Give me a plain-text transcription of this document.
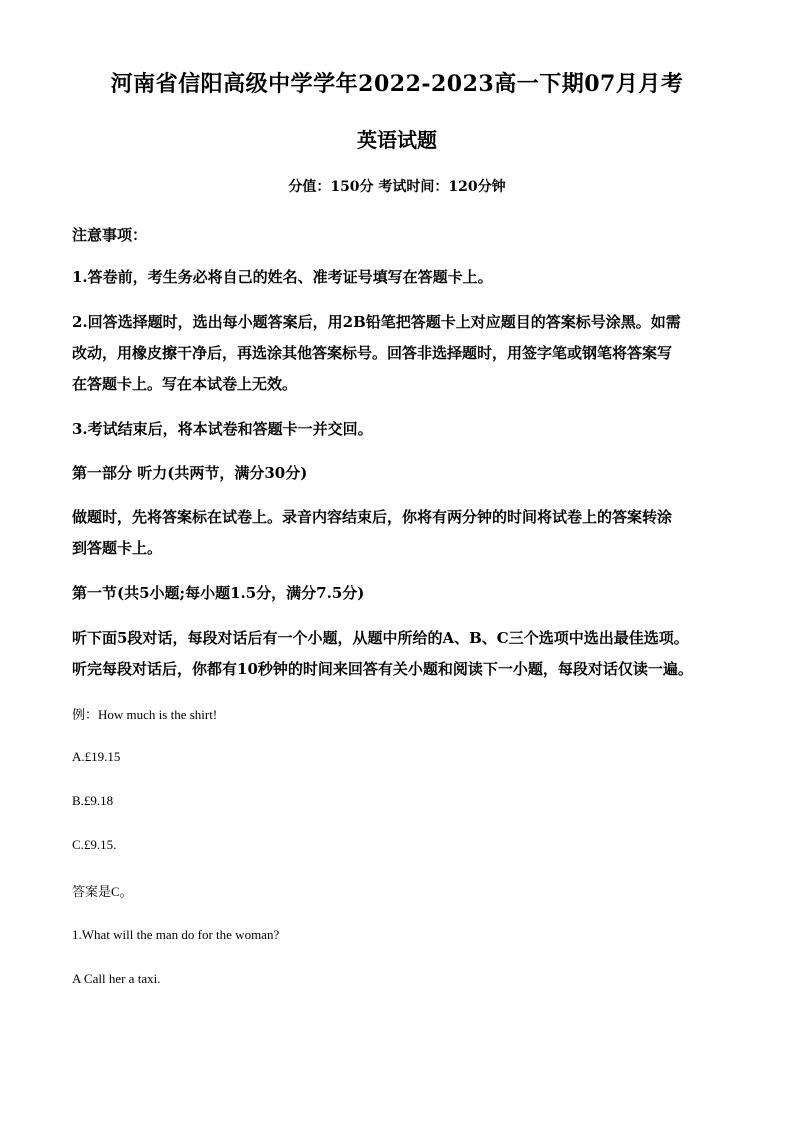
河南省信阳高级中学学年2022-2023高一下期07月月考
英语试题
分值：150分 考试时间：120分钟
注意事项：
1.答卷前，考生务必将自己的姓名、准考证号填写在答题卡上。
2.回答选择题时，选出每小题答案后，用2B铅笔把答题卡上对应题目的答案标号涂黑。如需
改动，用橡皮擦干净后，再选涂其他答案标号。回答非选择题时，用签字笔或钢笔将答案写
在答题卡上。写在本试卷上无效。
3.考试结束后，将本试卷和答题卡一并交回。
第一部分 听力(共两节，满分30分)
做题时，先将答案标在试卷上。录音内容结束后，你将有两分钟的时间将试卷上的答案转涂
到答题卡上。
第一节(共5小题;每小题1.5分，满分7.5分)
听下面5段对话，每段对话后有一个小题，从题中所给的A、B、C三个选项中选出最佳选项。
听完每段对话后，你都有10秒钟的时间来回答有关小题和阅读下一小题，每段对话仅读一遍。
例：How much is the shirt!
A.£19.15
B.£9.18
C.£9.15.
答案是C。
1.What will the man do for the woman?
A Call her a taxi.
